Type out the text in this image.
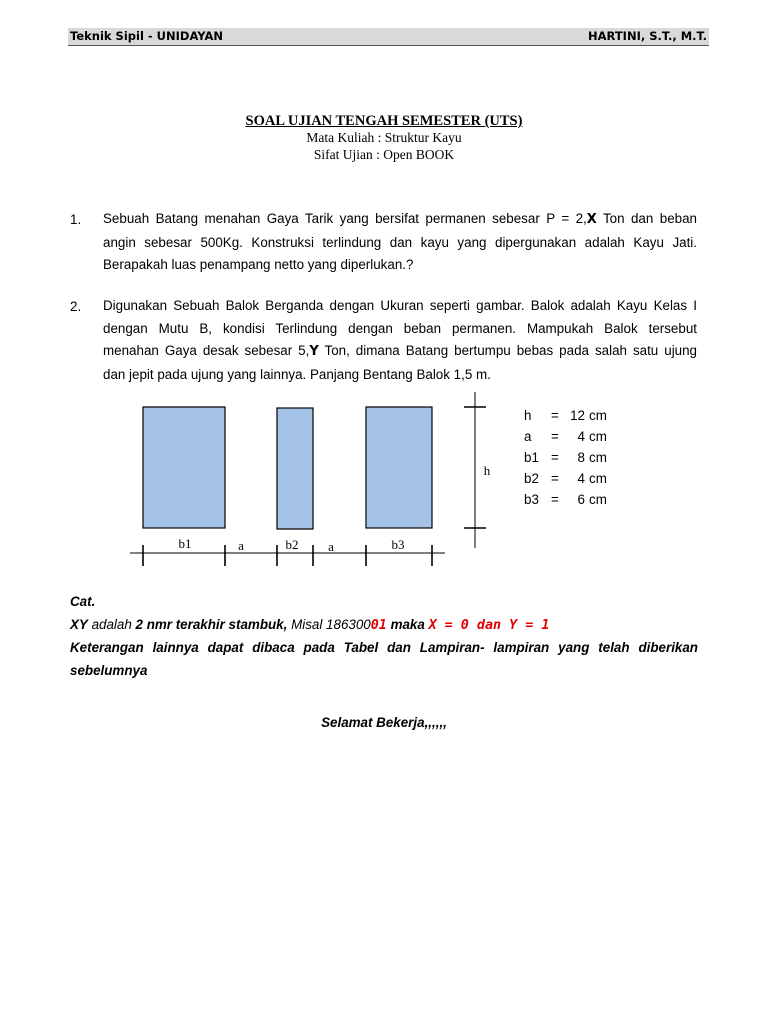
Teknik Sipil - UNIDAYAN	HARTINI, S.T., M.T.
SOAL UJIAN TENGAH SEMESTER (UTS)
Mata Kuliah : Struktur Kayu
Sifat Ujian : Open BOOK
1. Sebuah Batang menahan Gaya Tarik yang bersifat permanen sebesar P = 2,X Ton dan beban
angin sebesar 500Kg. Konstruksi terlindung dan kayu yang dipergunakan adalah Kayu Jati.
Berapakah luas penampang netto yang diperlukan.?
2. Digunakan Sebuah Balok Berganda dengan Ukuran seperti gambar. Balok adalah Kayu Kelas I
dengan Mutu B, kondisi Terlindung dengan beban permanen. Mampukah Balok tersebut
menahan Gaya desak sebesar 5,Y Ton, dimana Batang bertumpu bebas pada salah satu ujung
dan jepit pada ujung yang lainnya. Panjang Bentang Balok 1,5 m.
b1	a	b2 a	b3
h
h = 12 cm
a =	4 cm
b1 =	8 cm
b2 =	4 cm
b3 =	6 cm
Cat.
XY adalah 2 nmr terakhir stambuk, Misal 18630001 maka X = 0 dan Y = 1
Keterangan lainnya dapat dibaca pada Tabel dan Lampiran- lampiran yang telah diberikan
sebelumnya
Selamat Bekerja,,,,,,
